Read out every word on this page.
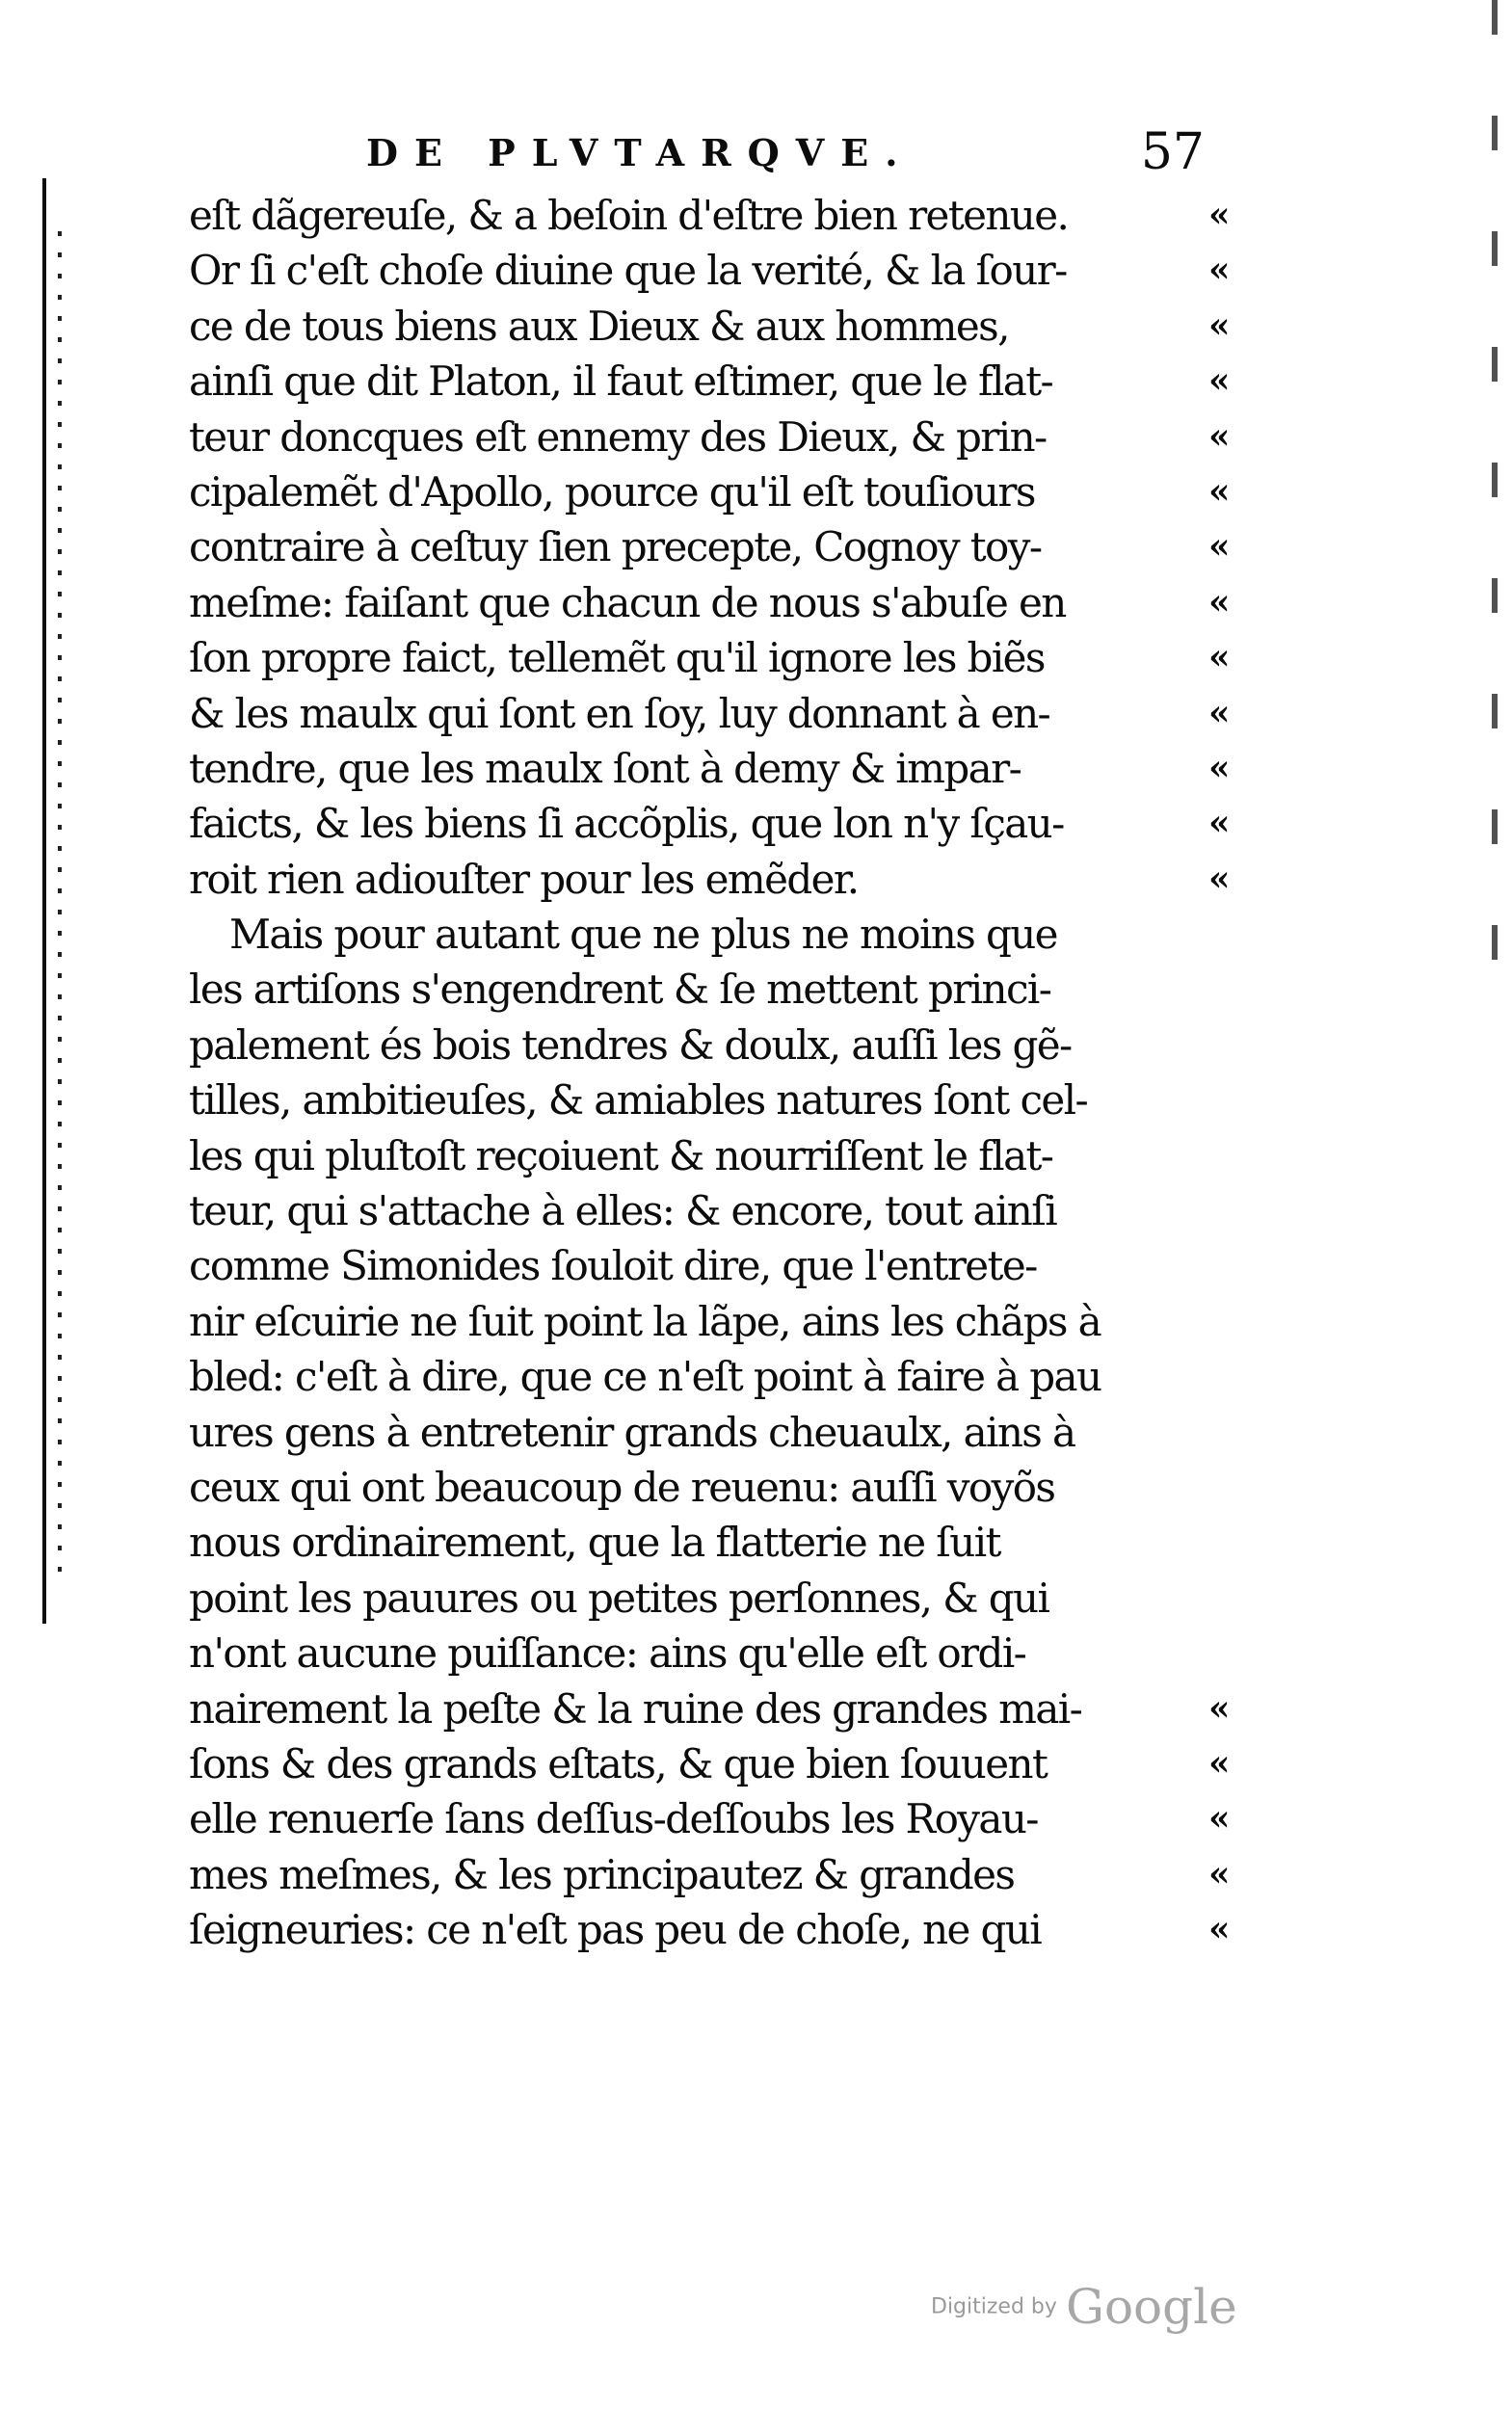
DE PLVTARQVE.	57
eſt dãgereuſe, & a beſoin d'eſtre bien retenue.
Or ſi c'eſt choſe diuine que la verité, & la ſour-
ce de tous biens aux Dieux & aux hommes,
ainſi que dit Platon, il faut eſtimer, que le flat-
teur doncques eſt ennemy des Dieux, & prin-
cipalemẽt d'Apollo, pource qu'il eſt touſiours
contraire à ceſtuy ſien precepte, Cognoy toy-
meſme: faiſant que chacun de nous s'abuſe en
ſon propre faict, tellemẽt qu'il ignore les biẽs
& les maulx qui ſont en ſoy, luy donnant à en-
tendre, que les maulx ſont à demy & impar-
faicts, & les biens ſi accõplis, que lon n'y ſçau-
roit rien adiouſter pour les emẽder.
Mais pour autant que ne plus ne moins que
les artiſons s'engendrent & ſe mettent princi-
palement és bois tendres & doulx, auſſi les gẽ-
tilles, ambitieuſes, & amiables natures ſont cel-
les qui pluſtoſt reçoiuent & nourriſſent le flat-
teur, qui s'attache à elles: & encore, tout ainſi
comme Simonides ſouloit dire, que l'entrete-
nir eſcuirie ne ſuit point la lãpe, ains les chãps à
bled: c'eſt à dire, que ce n'eſt point à faire à pau
ures gens à entretenir grands cheuaulx, ains à
ceux qui ont beaucoup de reuenu: auſſi voyõs
nous ordinairement, que la flatterie ne ſuit
point les pauures ou petites perſonnes, & qui
n'ont aucune puiſſance: ains qu'elle eſt ordi-
nairement la peſte & la ruine des grandes mai-
ſons & des grands eſtats, & que bien ſouuent
elle renuerſe ſans deſſus-deſſoubs les Royau-
mes meſmes, & les principautez & grandes
ſeigneuries: ce n'eſt pas peu de choſe, ne qui
«
«
«
«
«
«
«
«
«
«
«
«
«
«
«
«
«
«
Digitized by Google
